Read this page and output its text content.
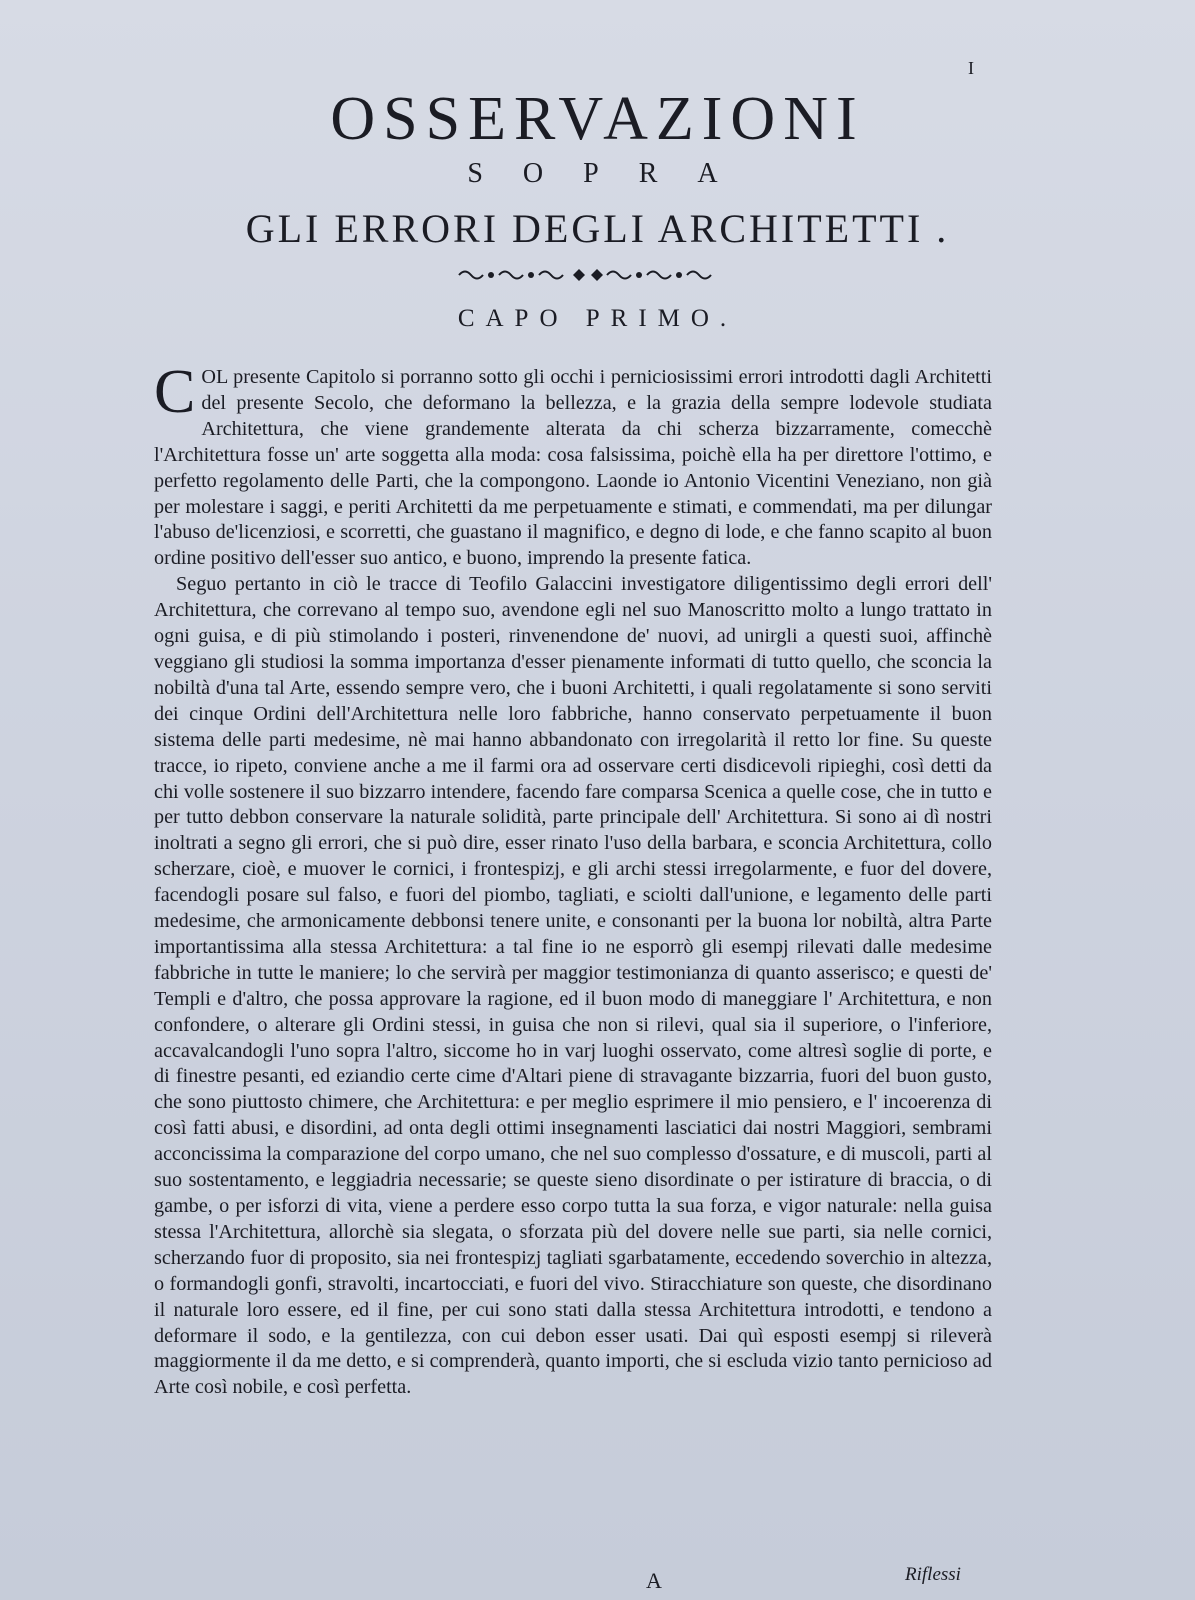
I
OSSERVAZIONI
SOPRA
GLI ERRORI DEGLI ARCHITETTI .
CAPO PRIMO.

COL presente Capitolo si porranno sotto gli occhi i perniciosissimi errori introdotti dagli Architetti del presente Secolo, che deformano la bellezza, e la grazia della sempre lodevole studiata Architettura, che viene grandemente alterata da chi scherza bizzarramente, comecchè l'Architettura fosse un' arte soggetta alla moda: cosa falsissima, poichè ella ha per direttore l'ottimo, e perfetto regolamento delle Parti, che la compongono. Laonde io Antonio Vicentini Veneziano, non già per molestare i saggi, e periti Architetti da me perpetuamente e stimati, e commendati, ma per dilungar l'abuso de'licenziosi, e scorretti, che guastano il magnifico, e degno di lode, e che fanno scapito al buon ordine positivo dell'esser suo antico, e buono, imprendo la presente fatica.

Seguo pertanto in ciò le tracce di Teofilo Galaccini investigatore diligentissimo degli errori dell' Architettura, che correvano al tempo suo, avendone egli nel suo Manoscritto molto a lungo trattato in ogni guisa, e di più stimolando i posteri, rinvenendone de' nuovi, ad unirgli a questi suoi, affinchè veggiano gli studiosi la somma importanza d'esser pienamente informati di tutto quello, che sconcia la nobiltà d'una tal Arte, essendo sempre vero, che i buoni Architetti, i quali regolatamente si sono serviti dei cinque Ordini dell'Architettura nelle loro fabbriche, hanno conservato perpetuamente il buon sistema delle parti medesime, nè mai hanno abbandonato con irregolarità il retto lor fine. Su queste tracce, io ripeto, conviene anche a me il farmi ora ad osservare certi disdicevoli ripieghi, così detti da chi volle sostenere il suo bizzarro intendere, facendo fare comparsa Scenica a quelle cose, che in tutto e per tutto debbon conservare la naturale solidità, parte principale dell' Architettura. Si sono ai dì nostri inoltrati a segno gli errori, che si può dire, esser rinato l'uso della barbara, e sconcia Architettura, collo scherzare, cioè, e muover le cornici, i frontespizj, e gli archi stessi irregolarmente, e fuor del dovere, facendogli posare sul falso, e fuori del piombo, tagliati, e sciolti dall'unione, e legamento delle parti medesime, che armonicamente debbonsi tenere unite, e consonanti per la buona lor nobiltà, altra Parte importantissima alla stessa Architettura: a tal fine io ne esporrò gli esempj rilevati dalle medesime fabbriche in tutte le maniere; lo che servirà per maggior testimonianza di quanto asserisco; e questi de' Templi e d'altro, che possa approvare la ragione, ed il buon modo di maneggiare l' Architettura, e non confondere, o alterare gli Ordini stessi, in guisa che non si rilevi, qual sia il superiore, o l'inferiore, accavalcandogli l'uno sopra l'altro, siccome ho in varj luoghi osservato, come altresì soglie di porte, e di finestre pesanti, ed eziandio certe cime d'Altari piene di stravagante bizzarria, fuori del buon gusto, che sono piuttosto chimere, che Architettura: e per meglio esprimere il mio pensiero, e l' incoerenza di così fatti abusi, e disordini, ad onta degli ottimi insegnamenti lasciatici dai nostri Maggiori, sembrami acconcissima la comparazione del corpo umano, che nel suo complesso d'ossature, e di muscoli, parti al suo sostentamento, e leggiadria necessarie; se queste sieno disordinate o per istirature di braccia, o di gambe, o per isforzi di vita, viene a perdere esso corpo tutta la sua forza, e vigor naturale: nella guisa stessa l'Architettura, allorchè sia slegata, o sforzata più del dovere nelle sue parti, sia nelle cornici, scherzando fuor di proposito, sia nei frontespizj tagliati sgarbatamente, eccedendo soverchio in altezza, o formandogli gonfi, stravolti, incartocciati, e fuori del vivo. Stiracchiature son queste, che disordinano il naturale loro essere, ed il fine, per cui sono stati dalla stessa Architettura introdotti, e tendono a deformare il sodo, e la gentilezza, con cui debon esser usati. Dai quì esposti esempj si rileverà maggiormente il da me detto, e si comprenderà, quanto importi, che si escluda vizio tanto pernicioso ad Arte così nobile, e così perfetta.

A	Riflessi
